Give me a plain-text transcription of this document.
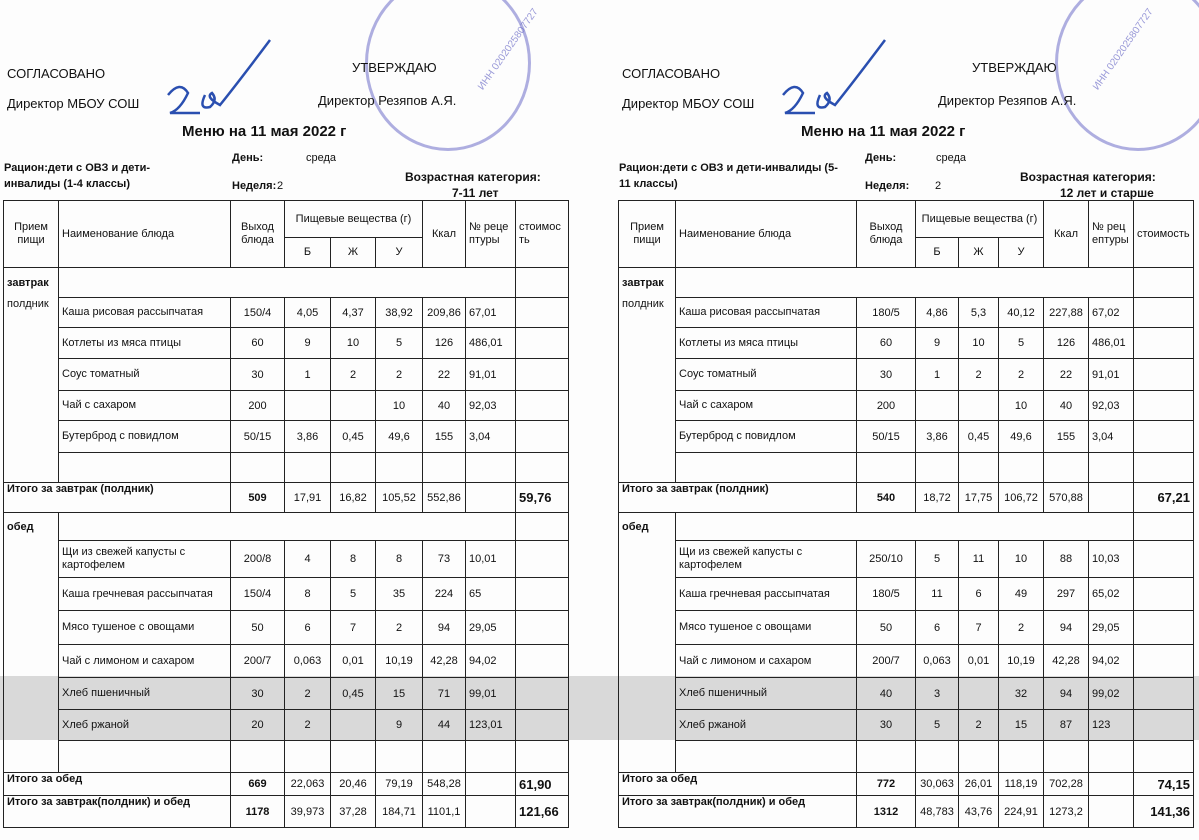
ИНН 0202025807727
СОГЛАСОВАНО
Директор МБОУ СОШ
УТВЕРЖДАЮ
Директор Резяпов А.Я.
Меню на 11 мая 2022 г
Рацион:дети с ОВЗ и дети-инвалиды (1-4 классы)
День:	среда
Неделя: 2
Возрастная категория:
7-11 лет
Прием пищи	Наименование блюда	Выход блюда	Пищевые вещества (г)			Ккал	№ рецептуры	стоимость
			Б	Ж	У			
завтрак								
полдник	Каша рисовая рассыпчатая	150/4	4,05	4,37	38,92	209,86	67,01	
	Котлеты из мяса птицы	60	9	10	5	126	486,01	
	Соус томатный	30	1	2	2	22	91,01	
	Чай с сахаром	200			10	40	92,03	
	Бутерброд с повидлом	50/15	3,86	0,45	49,6	155	3,04	

Итого за завтрак (полдник)		509	17,91	16,82	105,52	552,86		59,76
обед								
	Щи из свежей капусты с картофелем	200/8	4	8	8	73	10,01	
	Каша гречневая рассыпчатая	150/4	8	5	35	224	65	
	Мясо тушеное с овощами	50	6	7	2	94	29,05	
	Чай с лимоном и сахаром	200/7	0,063	0,01	10,19	42,28	94,02	
	Хлеб пшеничный	30	2	0,45	15	71	99,01	
	Хлеб ржаной	20	2		9	44	123,01	

Итого за обед		669	22,063	20,46	79,19	548,28		61,90
Итого за завтрак(полдник) и обед		1178	39,973	37,28	184,71	1101,1		121,66
ИНН 0202025807727
СОГЛАСОВАНО
Директор МБОУ СОШ
УТВЕРЖДАЮ
Директор Резяпов А.Я.
Меню на 11 мая 2022 г
Рацион:дети с ОВЗ и дети-инвалиды (5-11 классы)
День:	среда
Неделя: 2
Возрастная категория:
12 лет и старше
Прием пищи	Наименование блюда	Выход блюда	Пищевые вещества (г)			Ккал	№ рецептуры	стоимость
			Б	Ж	У			
завтрак								
полдник	Каша рисовая рассыпчатая	180/5	4,86	5,3	40,12	227,88	67,02	
	Котлеты из мяса птицы	60	9	10	5	126	486,01	
	Соус томатный	30	1	2	2	22	91,01	
	Чай с сахаром	200			10	40	92,03	
	Бутерброд с повидлом	50/15	3,86	0,45	49,6	155	3,04	

Итого за завтрак (полдник)		540	18,72	17,75	106,72	570,88		67,21
обед								
	Щи из свежей капусты с картофелем	250/10	5	11	10	88	10,03	
	Каша гречневая рассыпчатая	180/5	11	6	49	297	65,02	
	Мясо тушеное с овощами	50	6	7	2	94	29,05	
	Чай с лимоном и сахаром	200/7	0,063	0,01	10,19	42,28	94,02	
	Хлеб пшеничный	40	3		32	94	99,02	
	Хлеб ржаной	30	5	2	15	87	123	

Итого за обед		772	30,063	26,01	118,19	702,28		74,15
Итого за завтрак(полдник) и обед		1312	48,783	43,76	224,91	1273,2		141,36
